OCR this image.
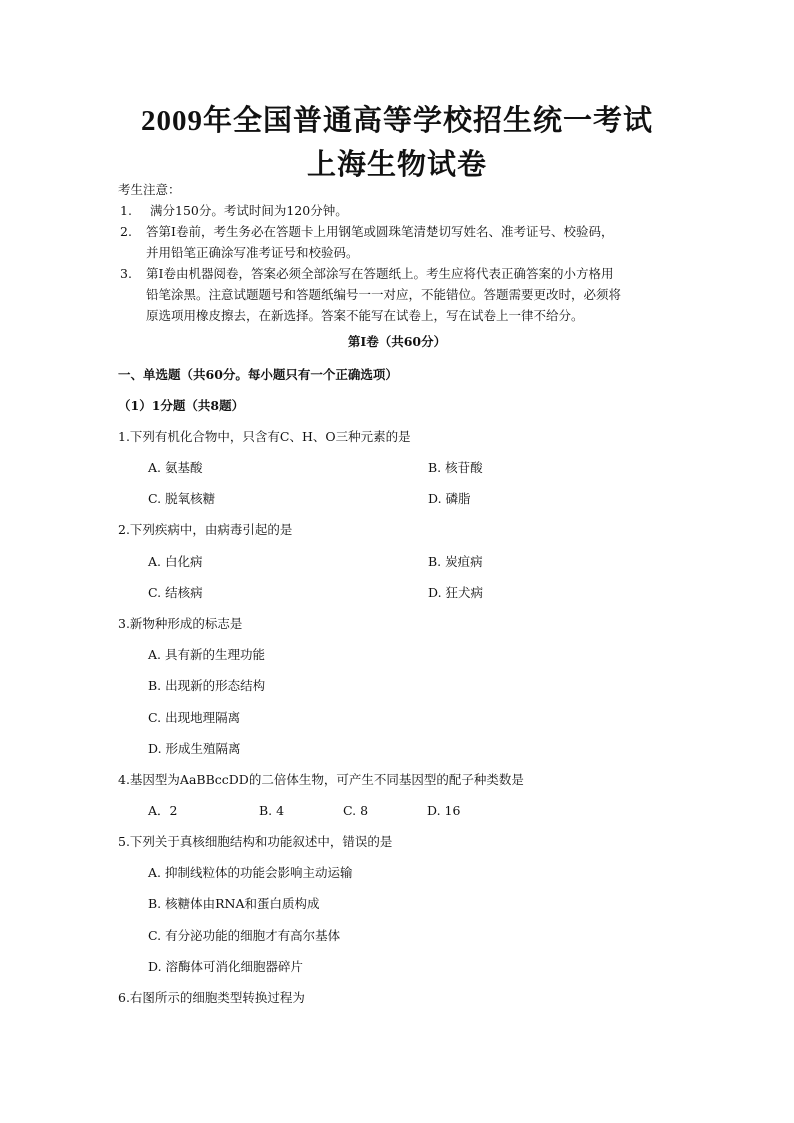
2009年全国普通高等学校招生统一考试
上海生物试卷
考生注意：
1. 满分150分。考试时间为120分钟。
2. 答第Ⅰ卷前，考生务必在答题卡上用钢笔或圆珠笔清楚切写姓名、准考证号、校验码，
并用铅笔正确涂写准考证号和校验码。
3. 第Ⅰ卷由机器阅卷，答案必须全部涂写在答题纸上。考生应将代表正确答案的小方格用
铅笔涂黑。注意试题题号和答题纸编号一一对应，不能错位。答题需要更改时，必须将
原选项用橡皮擦去，在新选择。答案不能写在试卷上，写在试卷上一律不给分。
第Ⅰ卷（共60分）
一、单选题（共60分。每小题只有一个正确选项）
（1）1分题（共8题）
1.下列有机化合物中，只含有C、H、O三种元素的是
A. 氨基酸	B. 核苷酸
C. 脱氧核糖	D. 磷脂
2.下列疾病中，由病毒引起的是
A. 白化病	B. 炭疽病
C. 结核病	D. 狂犬病
3.新物种形成的标志是
A. 具有新的生理功能
B. 出现新的形态结构
C. 出现地理隔离
D. 形成生殖隔离
4.基因型为AaBBccDD的二倍体生物，可产生不同基因型的配子种类数是
A．2	B. 4	C. 8	D. 16
5.下列关于真核细胞结构和功能叙述中，错误的是
A. 抑制线粒体的功能会影响主动运输
B. 核糖体由RNA和蛋白质构成
C. 有分泌功能的细胞才有高尔基体
D. 溶酶体可消化细胞器碎片
6.右图所示的细胞类型转换过程为
